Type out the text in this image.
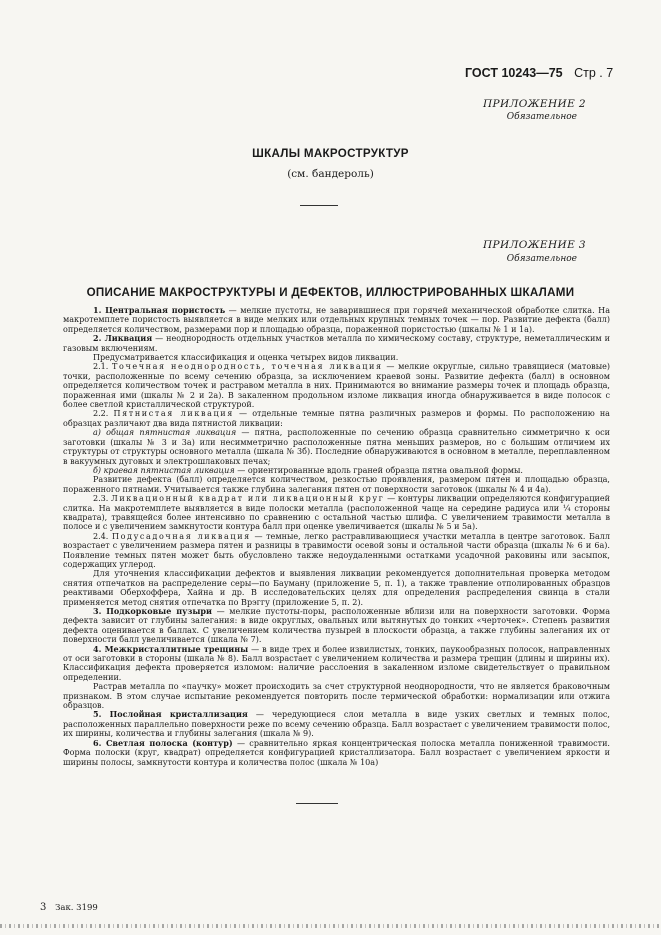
ГОСТ 10243—75 Стр . 7
ПРИЛОЖЕНИЕ 2
Обязательное
ШКАЛЫ МАКРОСТРУКТУР
(см. бандероль)
ПРИЛОЖЕНИЕ 3
Обязательное
ОПИСАНИЕ МАКРОСТРУКТУРЫ И ДЕФЕКТОВ, ИЛЛЮСТРИРОВАННЫХ ШКАЛАМИ

1. Центральная пористость — мелкие пустоты, не заварившиеся при горячей механической обработке слитка. На макротемплете пористость выявляется в виде мелких или отдельных крупных темных точек — пор. Развитие дефекта (балл) определяется количеством, размерами пор и площадью образца, пораженной пористостью (шкалы № 1 и 1а).

2. Ликвация — неоднородность отдельных участков металла по химическому составу, структуре, неметаллическим и газовым включениям.

Предусматривается классификация и оценка четырех видов ликвации.

2.1. Точечная неоднородность, точечная ликвация — мелкие округлые, сильно травящиеся (матовые) точки, расположенные по всему сечению образца, за исключением краевой зоны. Развитие дефекта (балл) в основном определяется количеством точек и растравом металла в них. Принимаются во внимание размеры точек и площадь образца, пораженная ими (шкалы № 2 и 2а). В закаленном продольном изломе ликвация иногда обнаруживается в виде полосок с более светлой кристаллической структурой.

2.2. Пятнистая ликвация — отдельные темные пятна различных размеров и формы. По расположению на образцах различают два вида пятнистой ликвации:

а) общая пятнистая ликвация — пятна, расположенные по сечению образца сравнительно симметрично к оси заготовки (шкалы № 3 и 3а) или несимметрично расположенные пятна меньших размеров, но с большим отличием их структуры от структуры основного металла (шкала № 3б). Последние обнаруживаются в основном в металле, переплавленном в вакуумных дуговых и электрошлаковых печах;

б) краевая пятнистая ликвация — ориентированные вдоль граней образца пятна овальной формы.

Развитие дефекта (балл) определяется количеством, резкостью проявления, размером пятен и площадью образца, пораженного пятнами. Учитывается также глубина залегания пятен от поверхности заготовок (шкалы № 4 и 4а).

2.3. Ликвационный квадрат или ликвационный круг — контуры ликвации определяются конфигурацией слитка. На макротемплете выявляется в виде полоски металла (расположенной чаще на середине радиуса или ¼ стороны квадрата), травящейся более интенсивно по сравнению с остальной частью шлифа. С увеличением травимости металла в полосе и с увеличением замкнутости контура балл при оценке увеличивается (шкалы № 5 и 5а).

2.4. Подусадочная ликвация — темные, легко растравливающиеся участки металла в центре заготовок. Балл возрастает с увеличением размера пятен и разницы в травимости осевой зоны и остальной части образца (шкалы № 6 и 6а). Появление темных пятен может быть обусловлено также недоудаленными остатками усадочной раковины или засыпок, содержащих углерод.

Для уточнения классификации дефектов и выявления ликвации рекомендуется дополнительная проверка методом снятия отпечатков на распределение серы—по Бауману (приложение 5, п. 1), а также травление отполированных образцов реактивами Оберхоффера, Хайна и др. В исследовательских целях для определения распределения свинца в стали применяется метод снятия отпечатка по Врэггу (приложение 5, п. 2).

3. Подкорковые пузыри — мелкие пустоты-поры, расположенные вблизи или на поверхности заготовки. Форма дефекта зависит от глубины залегания: в виде округлых, овальных или вытянутых до тонких «черточек». Степень развития дефекта оценивается в баллах. С увеличением количества пузырей в плоскости образца, а также глубины залегания их от поверхности балл увеличивается (шкала № 7).

4. Межкристаллитные трещины — в виде трех и более извилистых, тонких, паукообразных полосок, направленных от оси заготовки в стороны (шкала № 8). Балл возрастает с увеличением количества и размера трещин (длины и ширины их). Классификация дефекта проверяется изломом: наличие расслоения в закаленном изломе свидетельствует о правильном определении.

Растрав металла по «паучку» может происходить за счет структурной неоднородности, что не является браковочным признаком. В этом случае испытание рекомендуется повторить после термической обработки: нормализации или отжига образцов.

5. Послойная кристаллизация — чередующиеся слои металла в виде узких светлых и темных полос, расположенных параллельно поверхности реже по всему сечению образца. Балл возрастает с увеличением травимости полос, их ширины, количества и глубины залегания (шкала № 9).

6. Светлая полоска (контур) — сравнительно яркая концентрическая полоска металла пониженной травимости. Форма полоски (круг, квадрат) определяется конфигурацией кристаллизатора. Балл возрастает с увеличением яркости и ширины полосы, замкнутости контура и количества полос (шкала № 10а)

3 Зак. 3199
